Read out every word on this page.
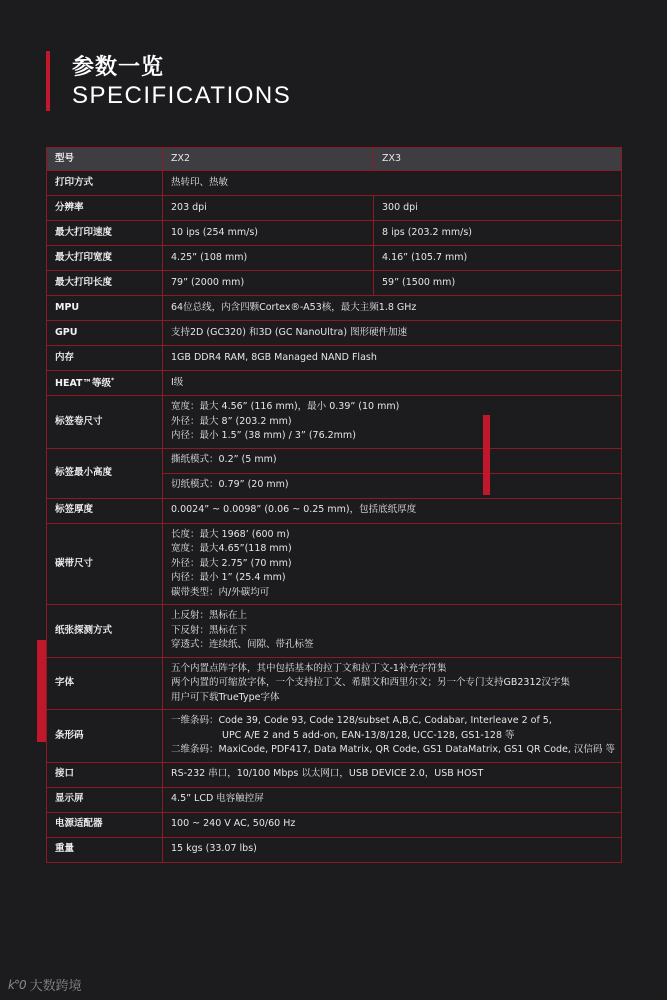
参数一览
SPECIFICATIONS
型号	ZX2	ZX3
打印方式	热转印、热敏	
分辨率	203 dpi	300 dpi
最大打印速度	10 ips (254 mm/s)	8 ips (203.2 mm/s)
最大打印宽度	4.25” (108 mm)	4.16” (105.7 mm)
最大打印长度	79” (2000 mm)	59” (1500 mm)
MPU	64位总线，内含四颗Cortex®-A53核，最大主频1.8 GHz	
GPU	支持2D (GC320) 和3D (GC NanoUltra) 图形硬件加速	
内存	1GB DDR4 RAM, 8GB Managed NAND Flash	
HEAT™等级*	Ⅰ级	
标签卷尺寸	宽度：最大 4.56” (116 mm)，最小 0.39” (10 mm)
外径：最大 8” (203.2 mm)
内径：最小 1.5” (38 mm) / 3” (76.2mm)	

标签最小高度	撕纸模式：0.2” (5 mm)	
	切纸模式：0.79” (20 mm)	
标签厚度	0.0024” ~ 0.0098” (0.06 ~ 0.25 mm)，包括底纸厚度	
碳带尺寸	长度：最大 1968’ (600 m)
宽度：最大4.65”(118 mm)
外径：最大 2.75” (70 mm)
内径：最小 1” (25.4 mm)
碳带类型：内/外碳均可	

纸张探测方式	上反射：黑标在上
下反射：黑标在下
穿透式：连续纸、间隙、带孔标签	

字体	五个内置点阵字体，其中包括基本的拉丁文和拉丁文-1补充字符集
两个内置的可缩放字体，一个支持拉丁文、希腊文和西里尔文；另一个专门支持GB2312汉字集
用户可下载TrueType字体	

条形码	一维条码：Code 39, Code 93, Code 128/subset A,B,C, Codabar, Interleave 2 of 5,
UPC A/E 2 and 5 add-on, EAN-13/8/128, UCC-128, GS1-128 等
二维条码：MaxiCode, PDF417, Data Matrix, QR Code, GS1 DataMatrix, GS1 QR Code, 汉信码 等	

接口	RS-232 串口，10/100 Mbps 以太网口，USB DEVICE 2.0，USB HOST	
显示屏	4.5” LCD 电容触控屏	
电源适配器	100 ~ 240 V AC, 50/60 Hz	
重量	15 kgs (33.07 lbs)	
k°0 大数跨境
